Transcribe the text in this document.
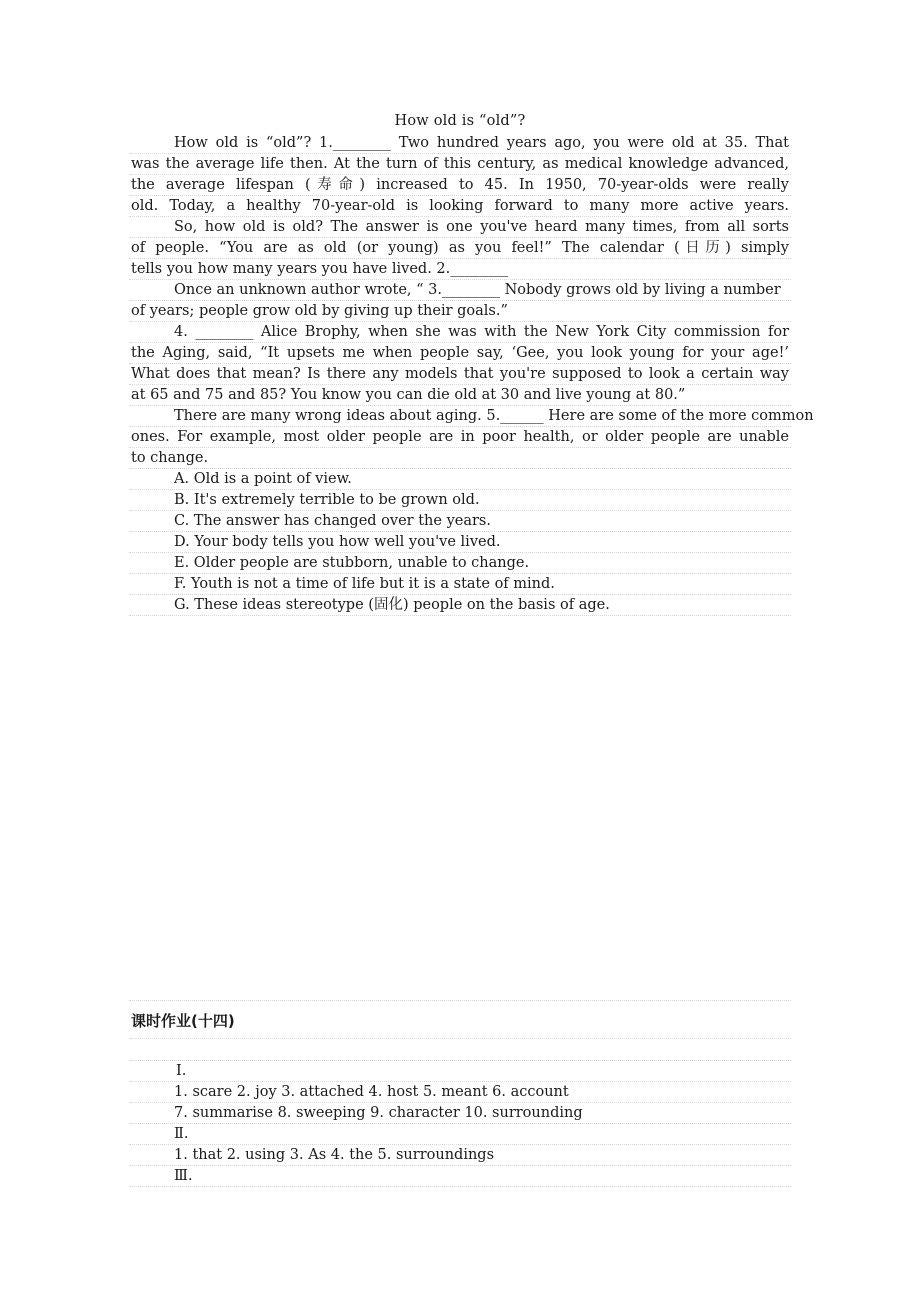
How old is “old”?
How old is “old”? 1.________ Two hundred years ago, you were old at 35. That
was the average life then. At the turn of this century, as medical knowledge advanced,
the average lifespan (寿命) increased to 45. In 1950, 70-year-olds were really
old. Today, a healthy 70-year-old is looking forward to many more active years.
So, how old is old? The answer is one you've heard many times, from all sorts
of people. “You are as old (or young) as you feel!” The calendar (日历) simply
tells you how many years you have lived. 2.________
Once an unknown author wrote, “ 3.________ Nobody grows old by living a number
of years; people grow old by giving up their goals.”
4. ________ Alice Brophy, when she was with the New York City commission for
the Aging, said, “It upsets me when people say, ‘Gee, you look young for your age!’
What does that mean? Is there any models that you're supposed to look a certain way
at 65 and 75 and 85? You know you can die old at 30 and live young at 80.”
There are many wrong ideas about aging. 5.______ Here are some of the more common
ones. For example, most older people are in poor health, or older people are unable
to change.
A. Old is a point of view.
B. It's extremely terrible to be grown old.
C. The answer has changed over the years.
D. Your body tells you how well you've lived.
E. Older people are stubborn, unable to change.
F. Youth is not a time of life but it is a state of mind.
G. These ideas stereotype (固化) people on the basis of age.
课时作业(十四)
Ⅰ.
1. scare 2. joy 3. attached 4. host 5. meant 6. account
7. summarise 8. sweeping 9. character 10. surrounding
Ⅱ.
1. that 2. using 3. As 4. the 5. surroundings
Ⅲ.
